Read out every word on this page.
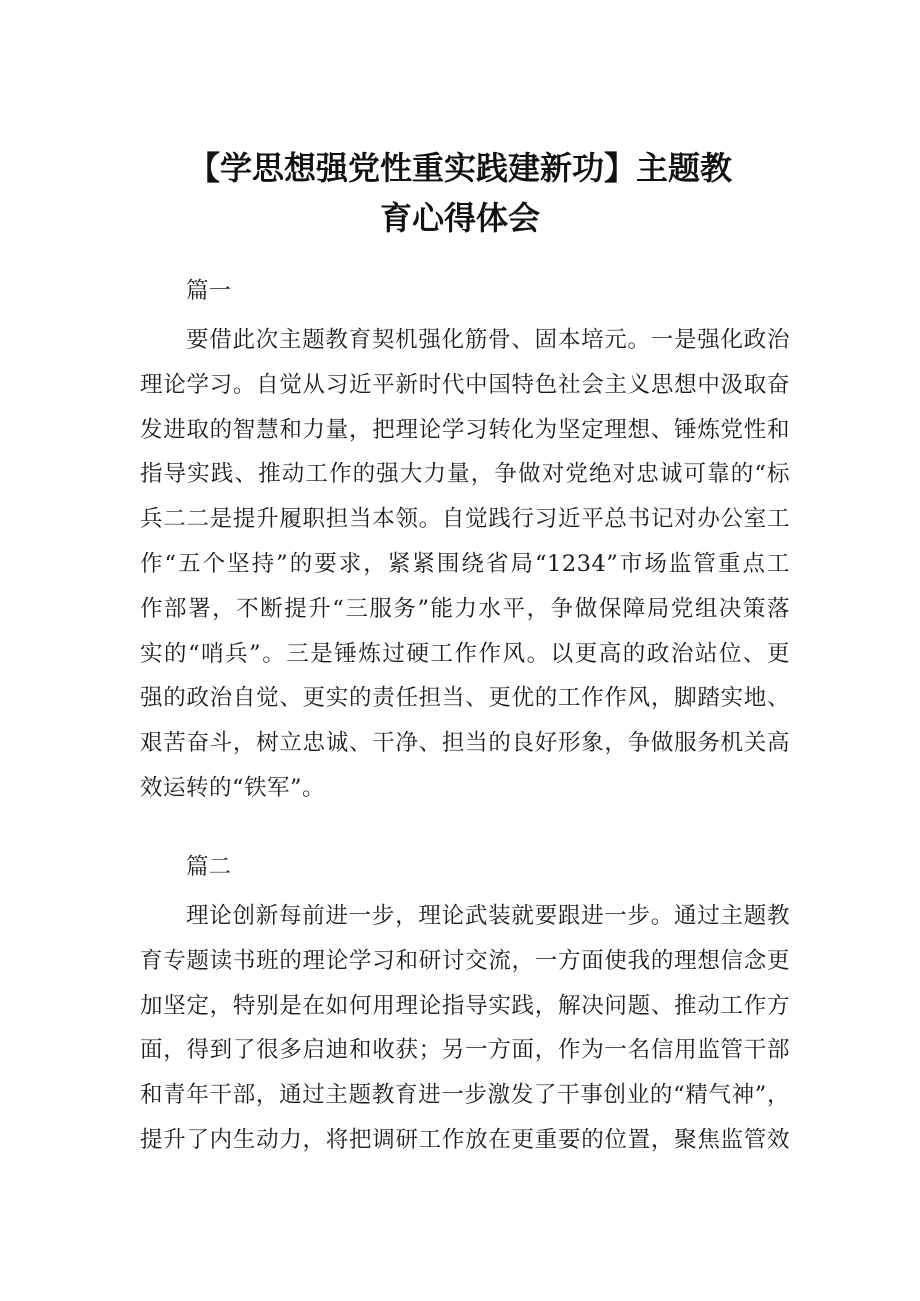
【学思想强党性重实践建新功】主题教
育心得体会
篇一
要借此次主题教育契机强化筋骨、固本培元。一是强化政治
理论学习。自觉从习近平新时代中国特色社会主义思想中汲取奋
发进取的智慧和力量，把理论学习转化为坚定理想、锤炼党性和
指导实践、推动工作的强大力量，争做对党绝对忠诚可靠的“标
兵二二是提升履职担当本领。自觉践行习近平总书记对办公室工
作“五个坚持”的要求，紧紧围绕省局“1234”市场监管重点工
作部署，不断提升“三服务”能力水平，争做保障局党组决策落
实的“哨兵”。三是锤炼过硬工作作风。以更高的政治站位、更
强的政治自觉、更实的责任担当、更优的工作作风，脚踏实地、
艰苦奋斗，树立忠诚、干净、担当的良好形象，争做服务机关高
效运转的“铁军”。
篇二
理论创新每前进一步，理论武装就要跟进一步。通过主题教
育专题读书班的理论学习和研讨交流，一方面使我的理想信念更
加坚定，特别是在如何用理论指导实践，解决问题、推动工作方
面，得到了很多启迪和收获；另一方面，作为一名信用监管干部
和青年干部，通过主题教育进一步激发了干事创业的“精气神”，
提升了内生动力，将把调研工作放在更重要的位置，聚焦监管效
